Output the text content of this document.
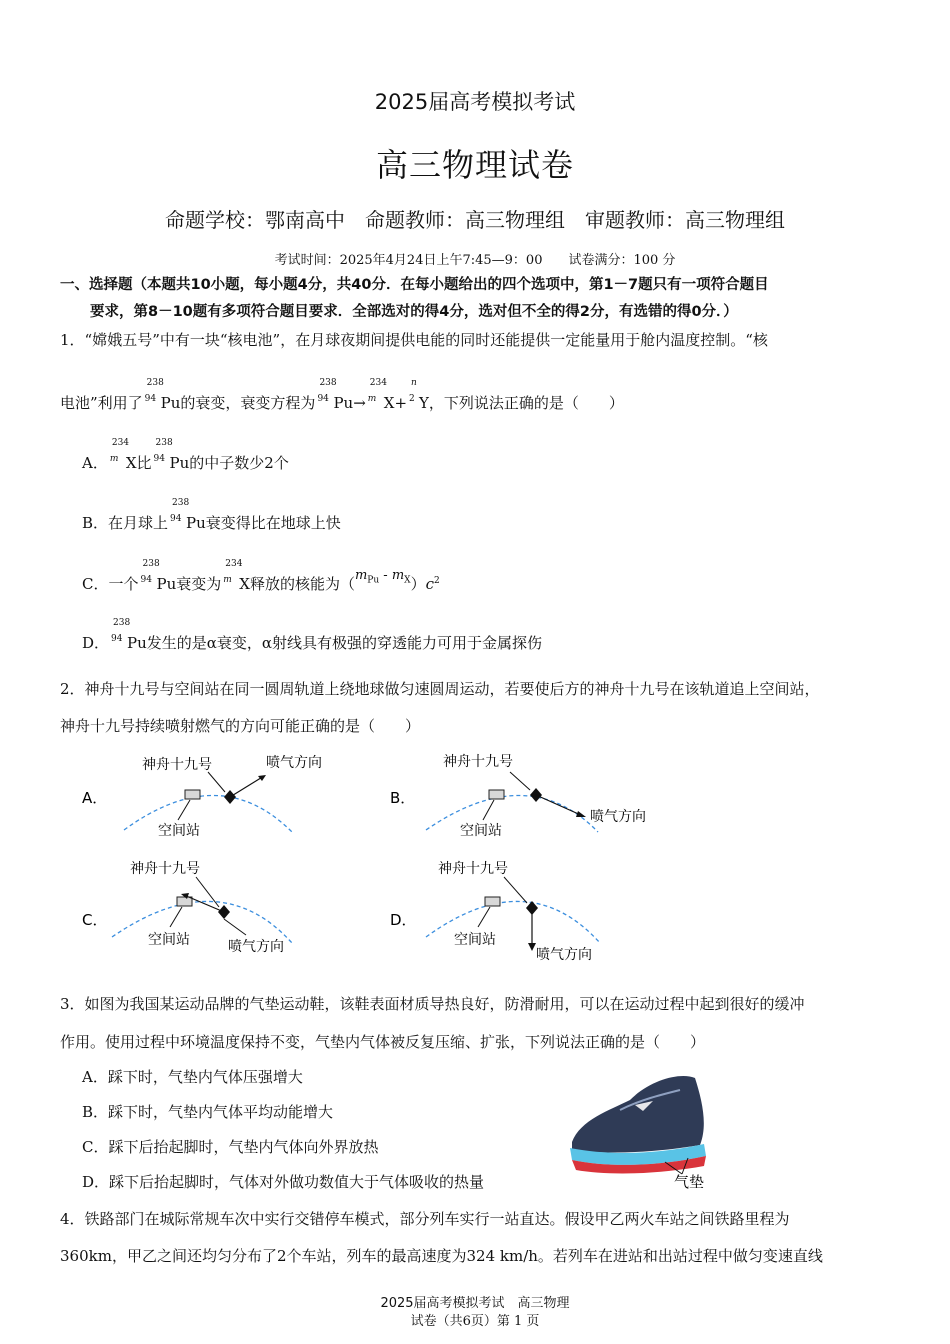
2025届高考模拟考试
高三物理试卷
命题学校：鄂南高中　命题教师：高三物理组　审题教师：高三物理组
考试时间：2025年4月24日上午7:45—9：00　　试卷满分：100 分
一、选择题（本题共10小题，每小题4分，共40分．在每小题给出的四个选项中，第1－7题只有一项符合题目
要求，第8－10题有多项符合题目要求．全部选对的得4分，选对但不全的得2分，有选错的得0分．）
1．“嫦娥五号”中有一块“核电池”，在月球夜期间提供电能的同时还能提供一定能量用于舱内温度控制。“核
电池”利用了
238
94 Pu的衰变，衰变方程为
238
94 Pu→
234
m X+
n
2 Y，下列说法正确的是（　　）
A．
234
m X比
238
94 Pu的中子数少2个
B．在月球上
238
94 Pu衰变得比在地球上快
C．一个
238
94 Pu衰变为
234
m X释放的核能为$(m_{Pu} - m_X)c^2$
D．
238
94 Pu发生的是α衰变，α射线具有极强的穿透能力可用于金属探伤
2．神舟十九号与空间站在同一圆周轨道上绕地球做匀速圆周运动，若要使后方的神舟十九号在该轨道追上空间站，
神舟十九号持续喷射燃气的方向可能正确的是（　　）
A．
神舟十九号	喷气方向
空间站
B．
神舟十九号
喷气方向
空间站
C．
神舟十九号
喷气方向
空间站
D．
神舟十九号
喷气方向
空间站
3．如图为我国某运动品牌的气垫运动鞋，该鞋表面材质导热良好，防滑耐用，可以在运动过程中起到很好的缓冲
作用。使用过程中环境温度保持不变，气垫内气体被反复压缩、扩张，下列说法正确的是（　　）
A．踩下时，气垫内气体压强增大
B．踩下时，气垫内气体平均动能增大
C．踩下后抬起脚时，气垫内气体向外界放热
D．踩下后抬起脚时，气体对外做功数值大于气体吸收的热量	气垫
4．铁路部门在城际常规车次中实行交错停车模式，部分列车实行一站直达。假设甲乙两火车站之间铁路里程为
360km，甲乙之间还均匀分布了2个车站，列车的最高速度为324 km/h。若列车在进站和出站过程中做匀变速直线
2025届高考模拟考试　高三物理
试卷（共6页）第 1 页
